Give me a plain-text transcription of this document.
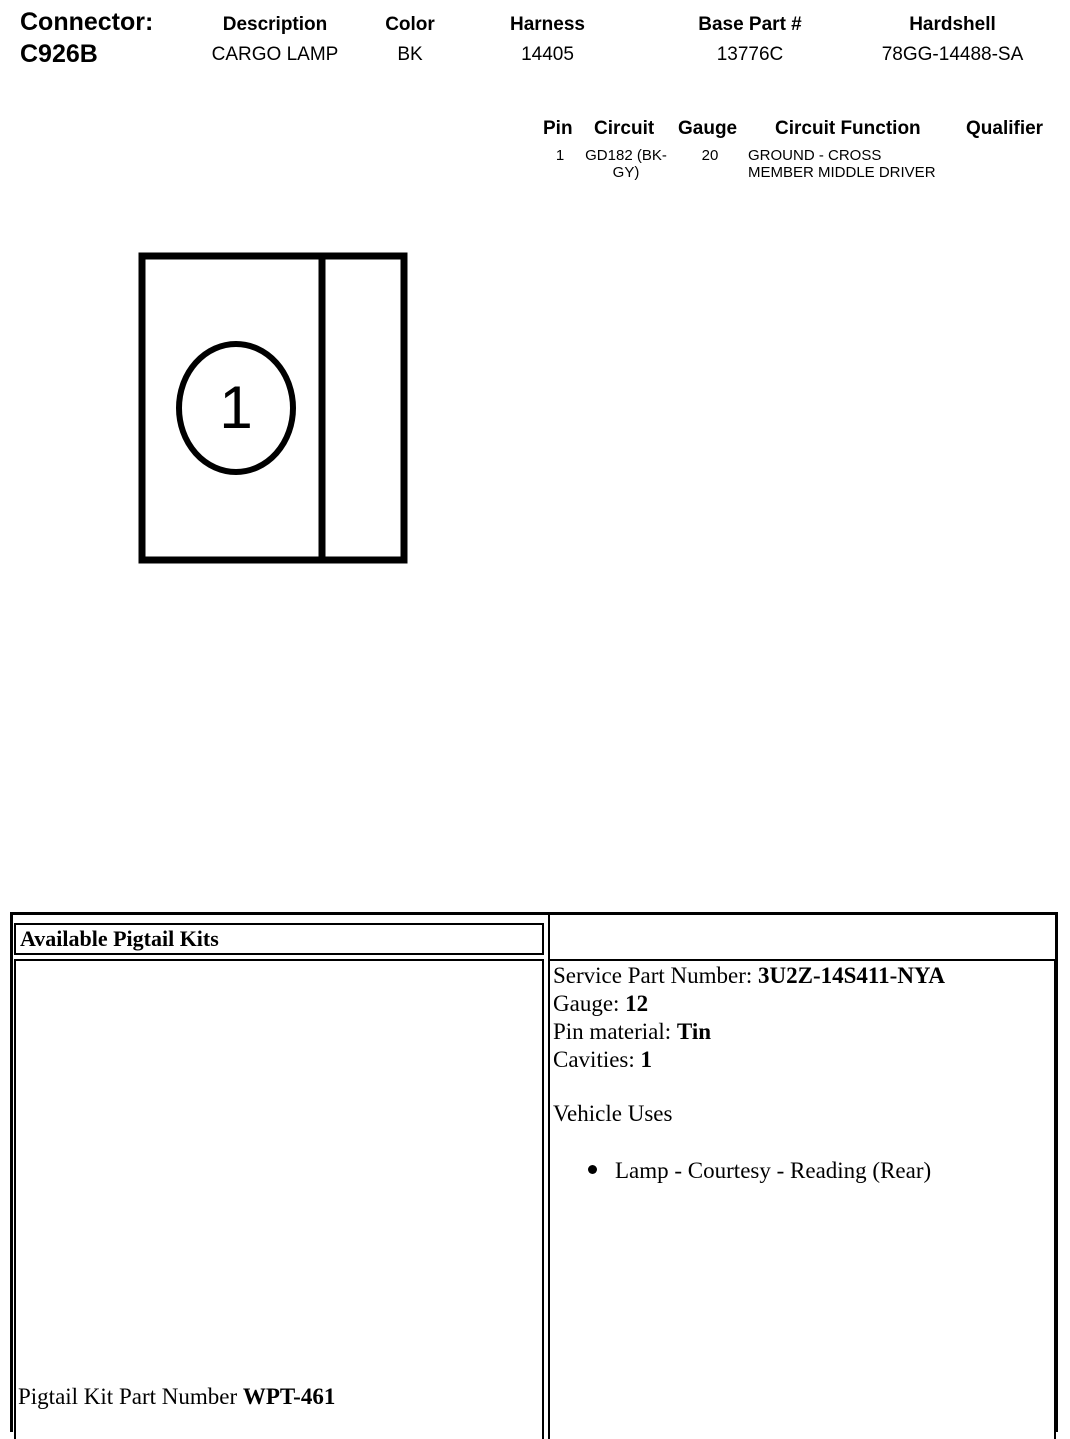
Connector:
C926B
Description
CARGO LAMP
Color
BK
Harness
14405
Base Part #
13776C
Hardshell
78GG-14488-SA
Pin Circuit Gauge Circuit Function Qualifier
1	GD182 (BK-
GY)
20	GROUND - CROSS
MEMBER MIDDLE DRIVER
1
Available Pigtail Kits
Pigtail Kit Part Number WPT-461
Service Part Number: 3U2Z-14S411-NYA
Gauge: 12
Pin material: Tin
Cavities: 1
Vehicle Uses
Lamp - Courtesy - Reading (Rear)
